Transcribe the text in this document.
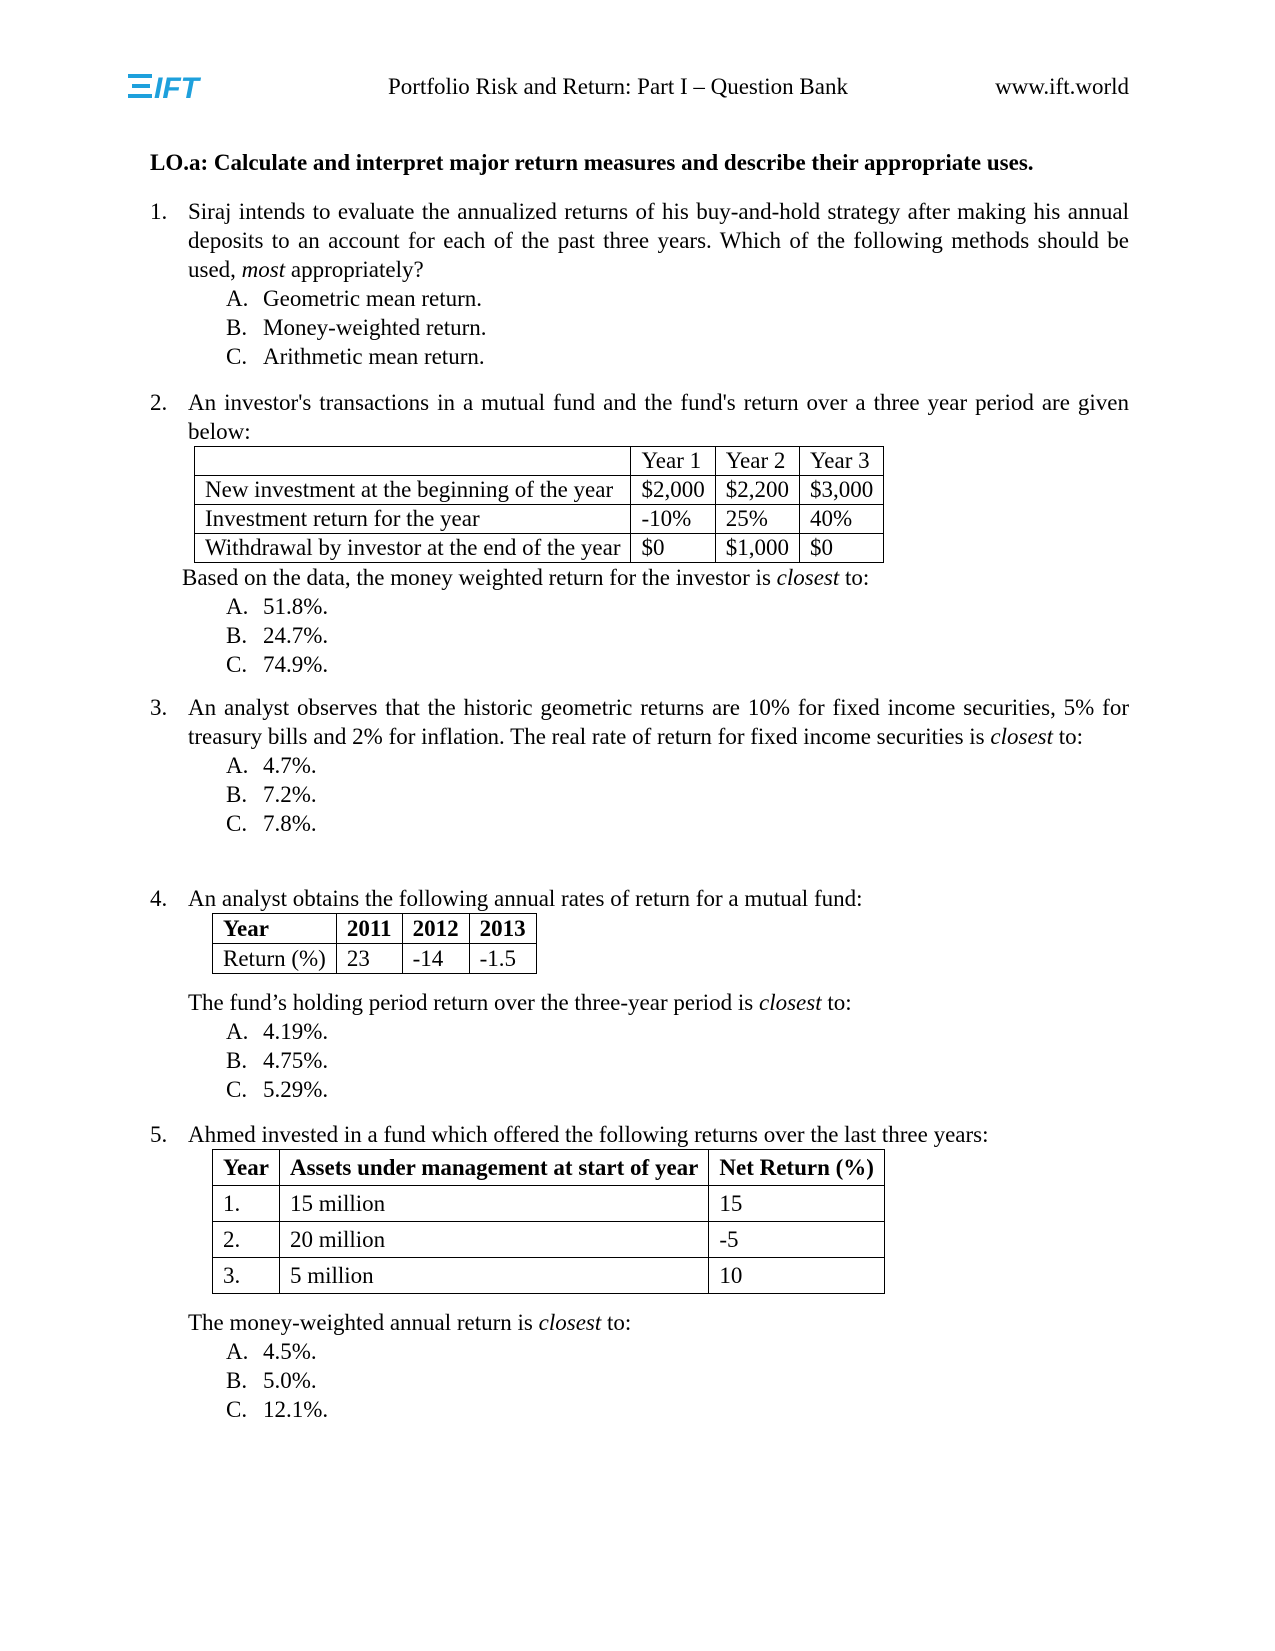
IFT	Portfolio Risk and Return: Part I – Question Bank	www.ift.world
LO.a: Calculate and interpret major return measures and describe their appropriate uses.
1. Siraj intends to evaluate the annualized returns of his buy-and-hold strategy after making his annual deposits to an account for each of the past three years. Which of the following methods should be used, most appropriately?
A. Geometric mean return.
B. Money-weighted return.
C. Arithmetic mean return.
2. An investor's transactions in a mutual fund and the fund's return over a three year period are given below:
	Year 1	Year 2	Year 3
New investment at the beginning of the year	$2,000	$2,200	$3,000
Investment return for the year	-10%	25%	40%
Withdrawal by investor at the end of the year	$0	$1,000	$0
Based on the data, the money weighted return for the investor is closest to:
A. 51.8%.
B. 24.7%.
C. 74.9%.
3. An analyst observes that the historic geometric returns are 10% for fixed income securities, 5% for treasury bills and 2% for inflation. The real rate of return for fixed income securities is closest to:
A. 4.7%.
B. 7.2%.
C. 7.8%.
4. An analyst obtains the following annual rates of return for a mutual fund:
Year	2011	2012	2013
Return (%)	23	-14	-1.5
The fund’s holding period return over the three-year period is closest to:
A. 4.19%.
B. 4.75%.
C. 5.29%.
5. Ahmed invested in a fund which offered the following returns over the last three years:
Year	Assets under management at start of year	Net Return (%)
1.	15 million	15
2.	20 million	-5
3.	5 million	10
The money-weighted annual return is closest to:
A. 4.5%.
B. 5.0%.
C. 12.1%.
